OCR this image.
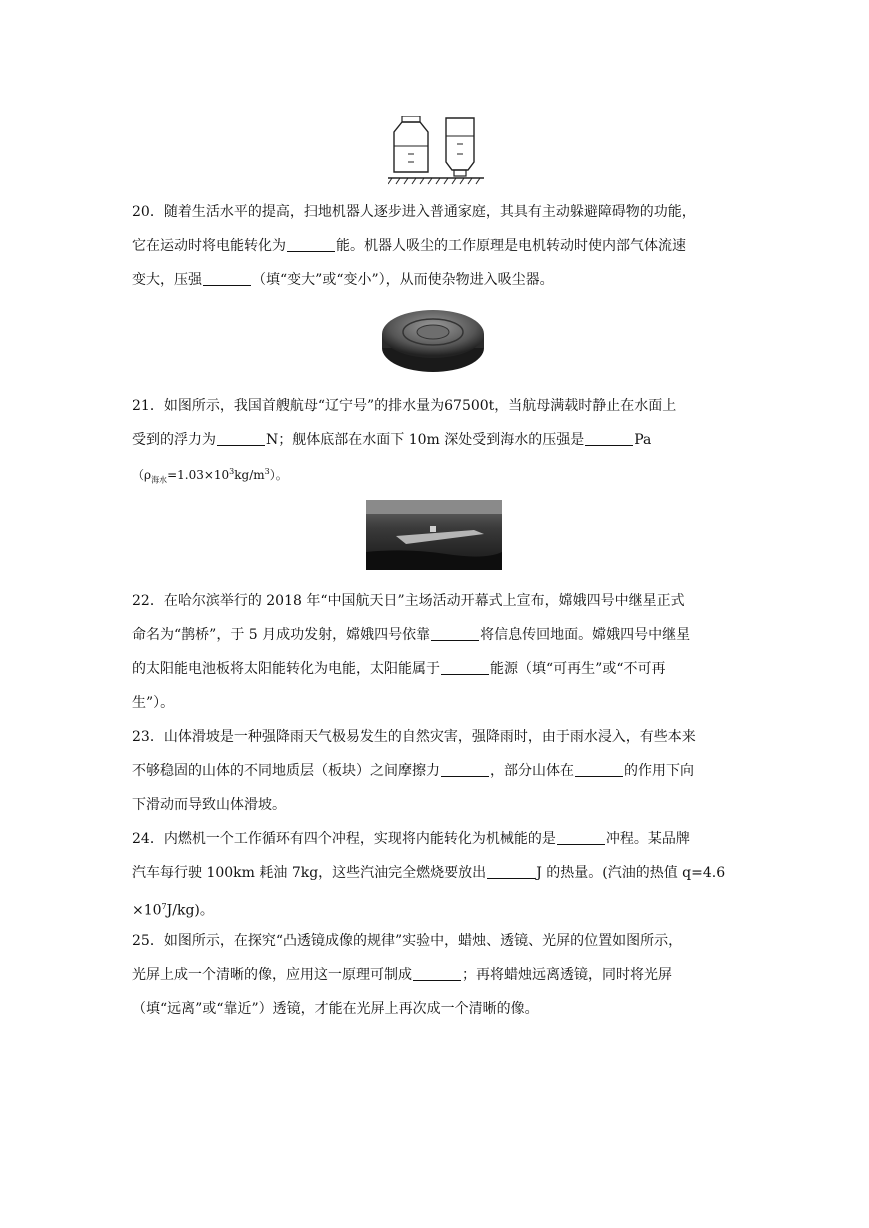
20．随着生活水平的提高，扫地机器人逐步进入普通家庭，其具有主动躲避障碍物的功能，
它在运动时将电能转化为	能。机器人吸尘的工作原理是电机转动时使内部气体流速
变大，压强	（填“变大”或“变小”），从而使杂物进入吸尘器。
21．如图所示，我国首艘航母“辽宁号”的排水量为67500t，当航母满载时静止在水面上
受到的浮力为	N；舰体底部在水面下 10m 深处受到海水的压强是	Pa
$(\rho_{海水}=1.03\times 10^3kg/m^3)$。
22．在哈尔滨举行的 2018 年“中国航天日”主场活动开幕式上宣布，嫦娥四号中继星正式
命名为“鹊桥”，于 5 月成功发射，嫦娥四号依靠	将信息传回地面。嫦娥四号中继星
的太阳能电池板将太阳能转化为电能，太阳能属于	能源（填“可再生”或“不可再
生”）。
23．山体滑坡是一种强降雨天气极易发生的自然灾害，强降雨时，由于雨水浸入，有些本来
不够稳固的山体的不同地质层（板块）之间摩擦力	，部分山体在	的作用下向
下滑动而导致山体滑坡。
24．内燃机一个工作循环有四个冲程，实现将内能转化为机械能的是	冲程。某品牌
汽车每行驶 100km 耗油 7kg，这些汽油完全燃烧要放出	J 的热量。(汽油的热值 q=4.6
$\times 10^7J/kg$)。
25．如图所示，在探究“凸透镜成像的规律”实验中，蜡烛、透镜、光屏的位置如图所示，
光屏上成一个清晰的像，应用这一原理可制成	；再将蜡烛远离透镜，同时将光屏
（填“远离”或“靠近”）透镜，才能在光屏上再次成一个清晰的像。
